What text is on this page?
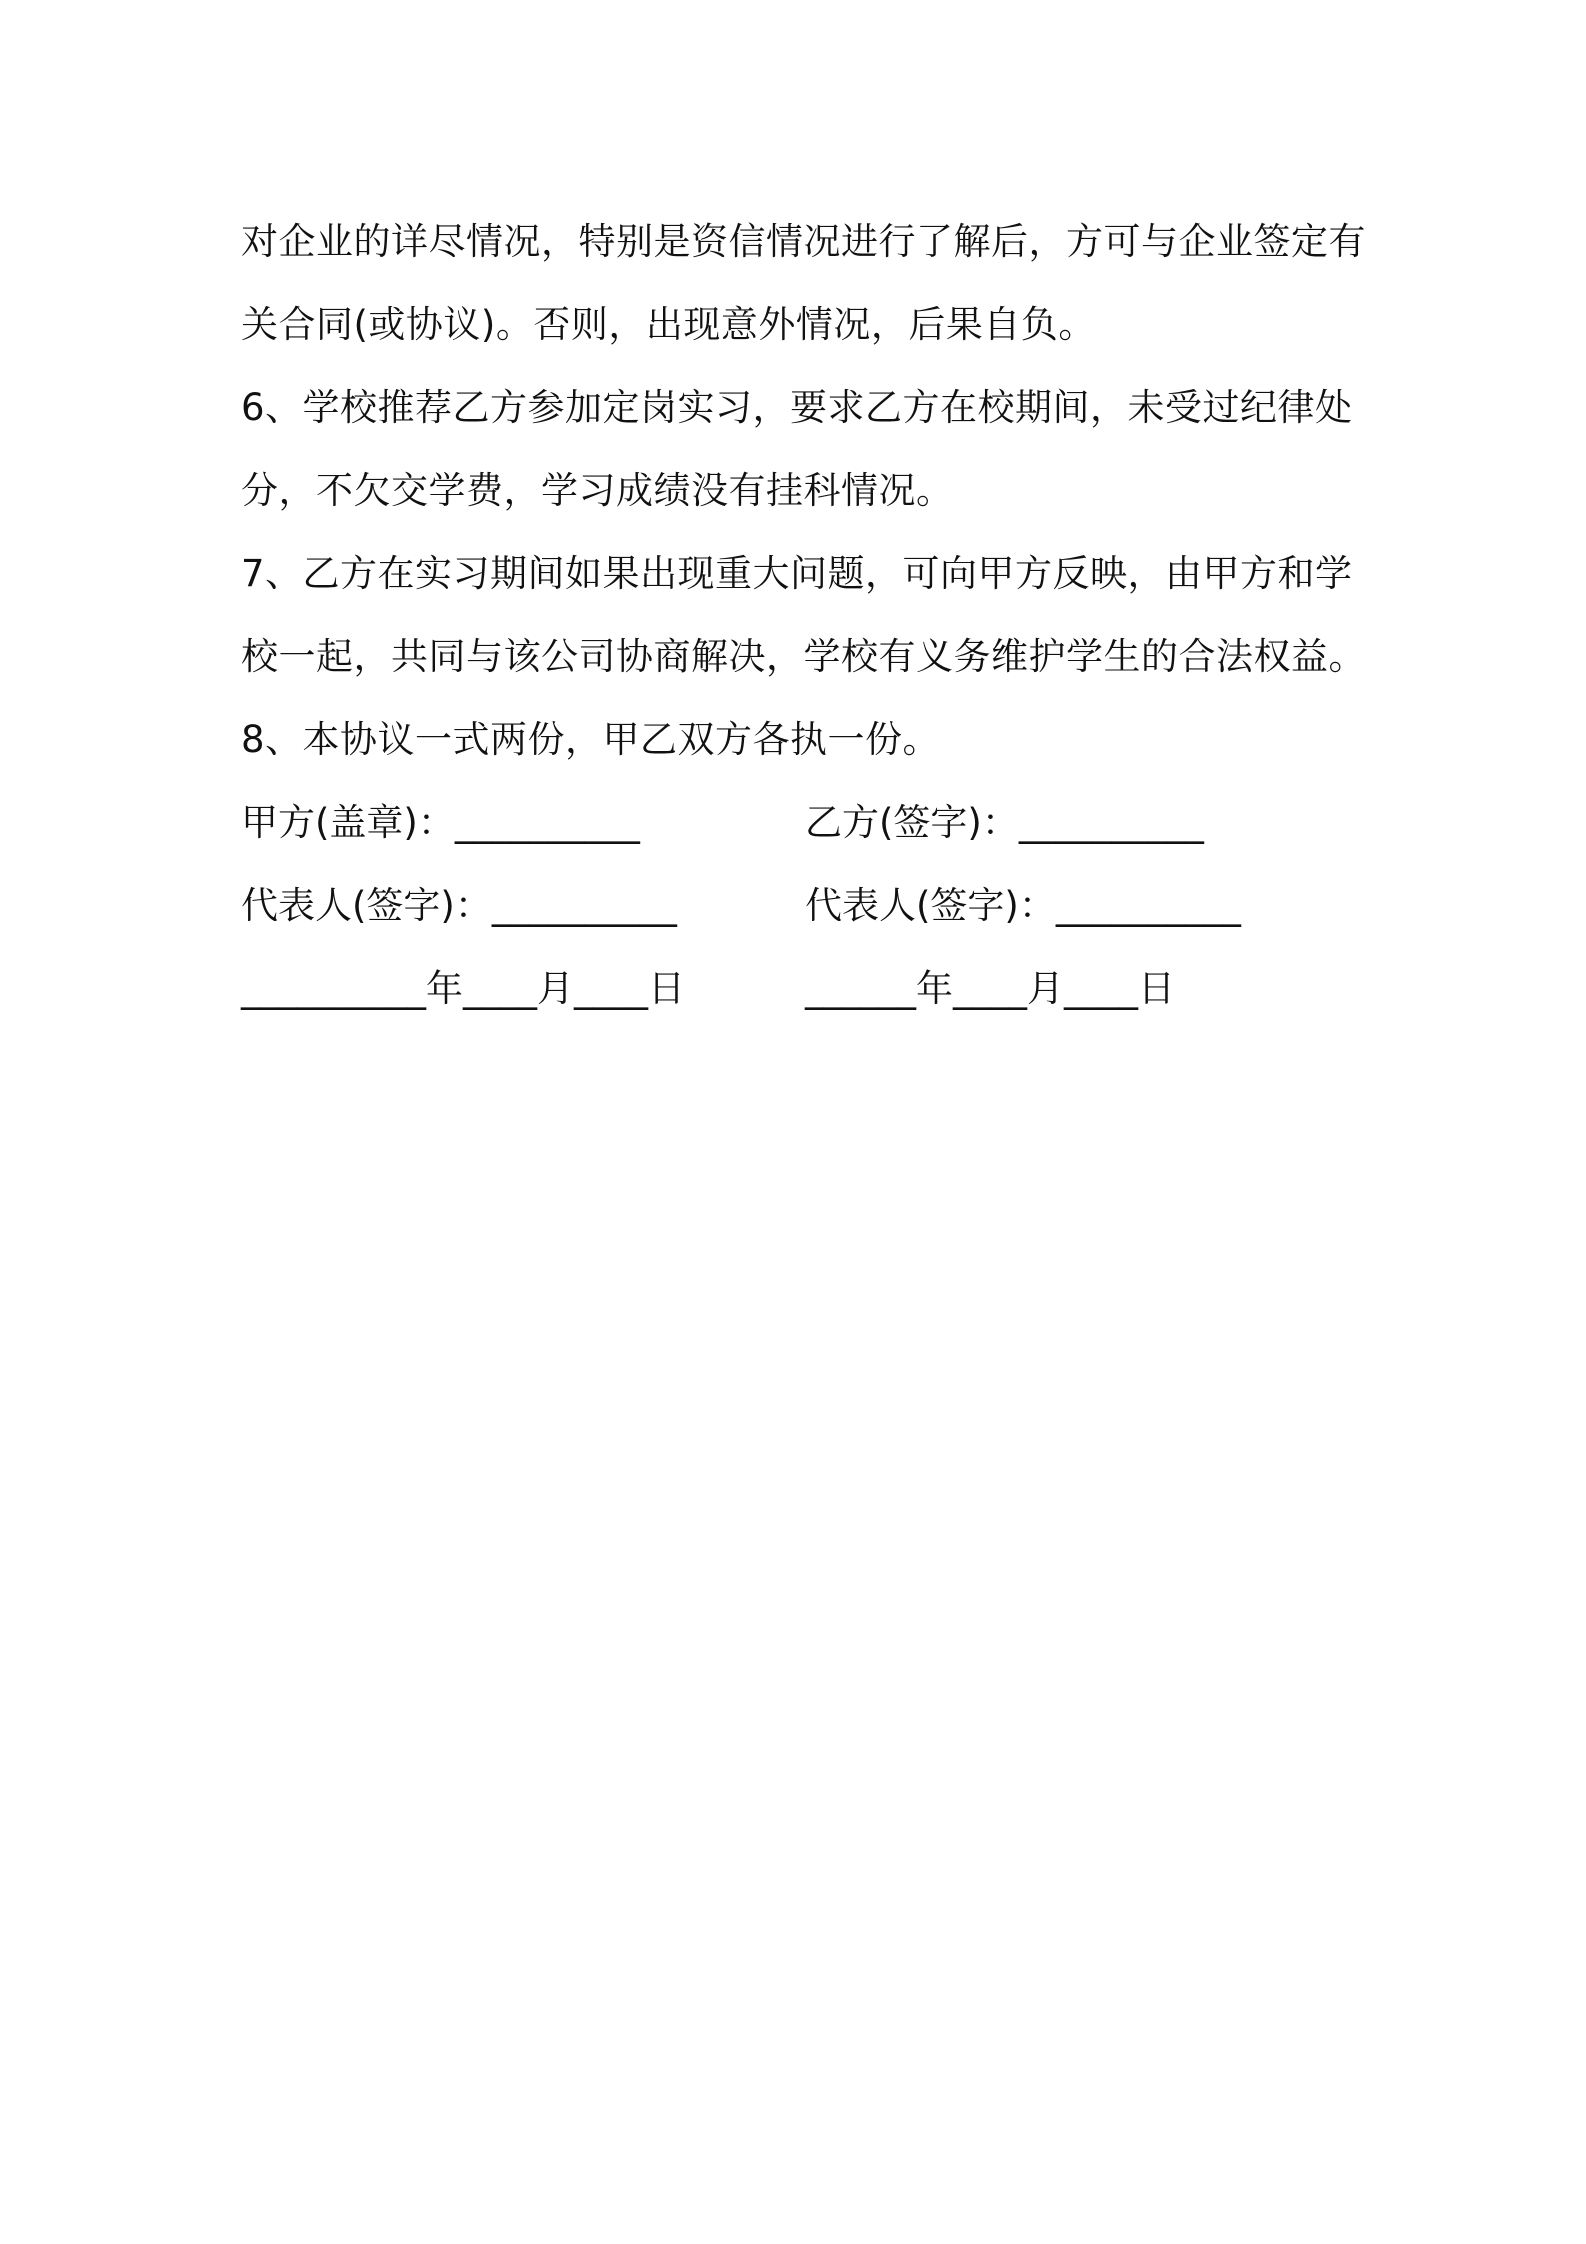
对企业的详尽情况，特别是资信情况进行了解后，方可与企业签定有
关合同(或协议)。否则，出现意外情况，后果自负。
6、学校推荐乙方参加定岗实习，要求乙方在校期间，未受过纪律处
分，不欠交学费，学习成绩没有挂科情况。
7、乙方在实习期间如果出现重大问题，可向甲方反映，由甲方和学
校一起，共同与该公司协商解决，学校有义务维护学生的合法权益。
8、本协议一式两份，甲乙双方各执一份。
甲方(盖章)：__________	乙方(签字)：__________
代表人(签字)：__________	代表人(签字)：__________
__________年____月____日	______年____月____日
